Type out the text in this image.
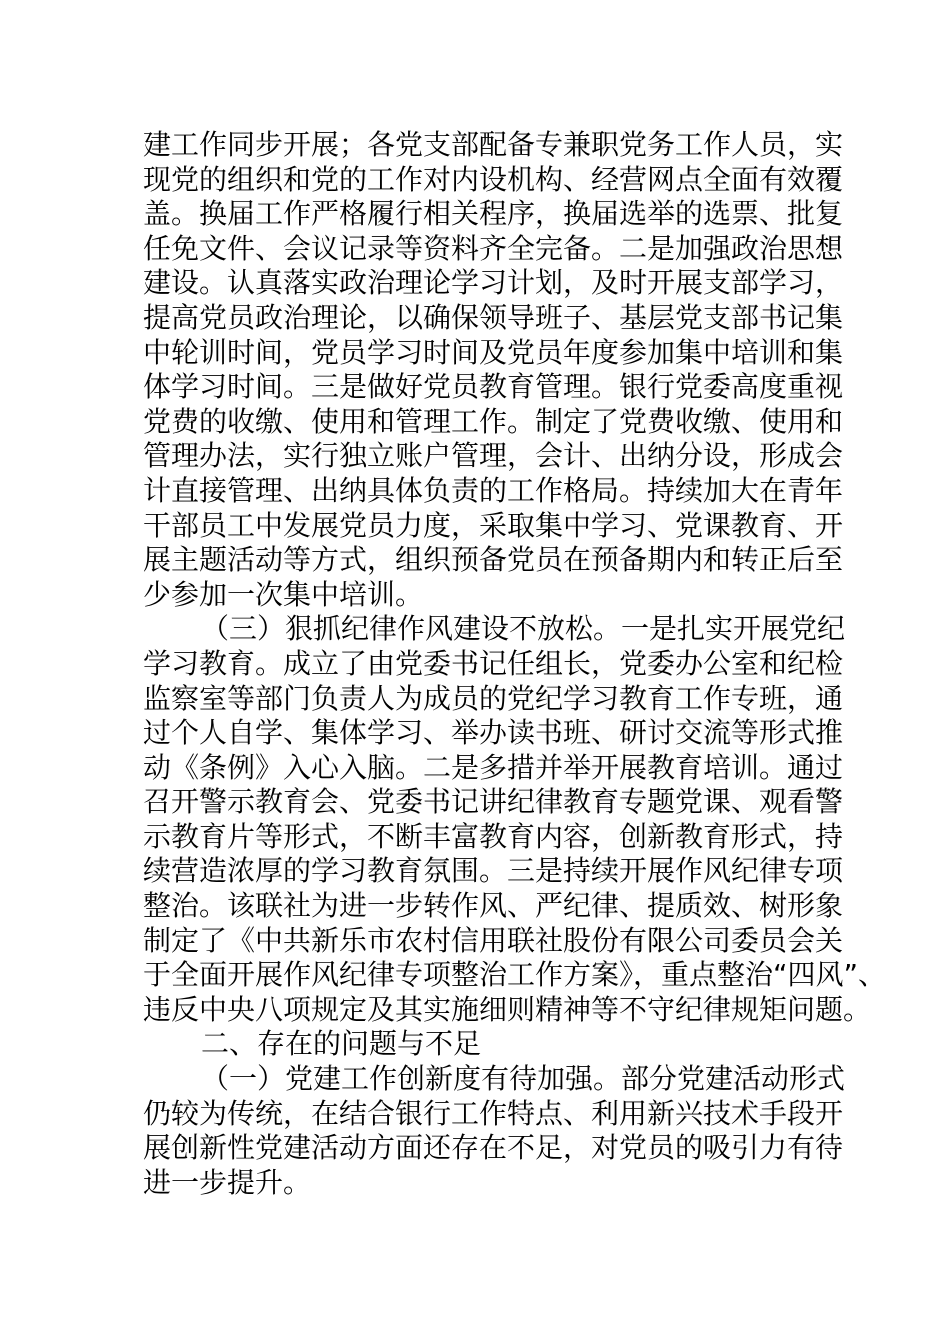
建工作同步开展；各党支部配备专兼职党务工作人员，实
现党的组织和党的工作对内设机构、经营网点全面有效覆
盖。换届工作严格履行相关程序，换届选举的选票、批复
任免文件、会议记录等资料齐全完备。二是加强政治思想
建设。认真落实政治理论学习计划，及时开展支部学习，
提高党员政治理论，以确保领导班子、基层党支部书记集
中轮训时间，党员学习时间及党员年度参加集中培训和集
体学习时间。三是做好党员教育管理。银行党委高度重视
党费的收缴、使用和管理工作。制定了党费收缴、使用和
管理办法，实行独立账户管理，会计、出纳分设，形成会
计直接管理、出纳具体负责的工作格局。持续加大在青年
干部员工中发展党员力度，采取集中学习、党课教育、开
展主题活动等方式，组织预备党员在预备期内和转正后至
少参加一次集中培训。
（三）狠抓纪律作风建设不放松。一是扎实开展党纪
学习教育。成立了由党委书记任组长，党委办公室和纪检
监察室等部门负责人为成员的党纪学习教育工作专班，通
过个人自学、集体学习、举办读书班、研讨交流等形式推
动《条例》入心入脑。二是多措并举开展教育培训。通过
召开警示教育会、党委书记讲纪律教育专题党课、观看警
示教育片等形式，不断丰富教育内容，创新教育形式，持
续营造浓厚的学习教育氛围。三是持续开展作风纪律专项
整治。该联社为进一步转作风、严纪律、提质效、树形象
制定了《中共新乐市农村信用联社股份有限公司委员会关
于全面开展作风纪律专项整治工作方案》，重点整治“四风”、
违反中央八项规定及其实施细则精神等不守纪律规矩问题。
二、存在的问题与不足
（一）党建工作创新度有待加强。部分党建活动形式
仍较为传统，在结合银行工作特点、利用新兴技术手段开
展创新性党建活动方面还存在不足，对党员的吸引力有待
进一步提升。
